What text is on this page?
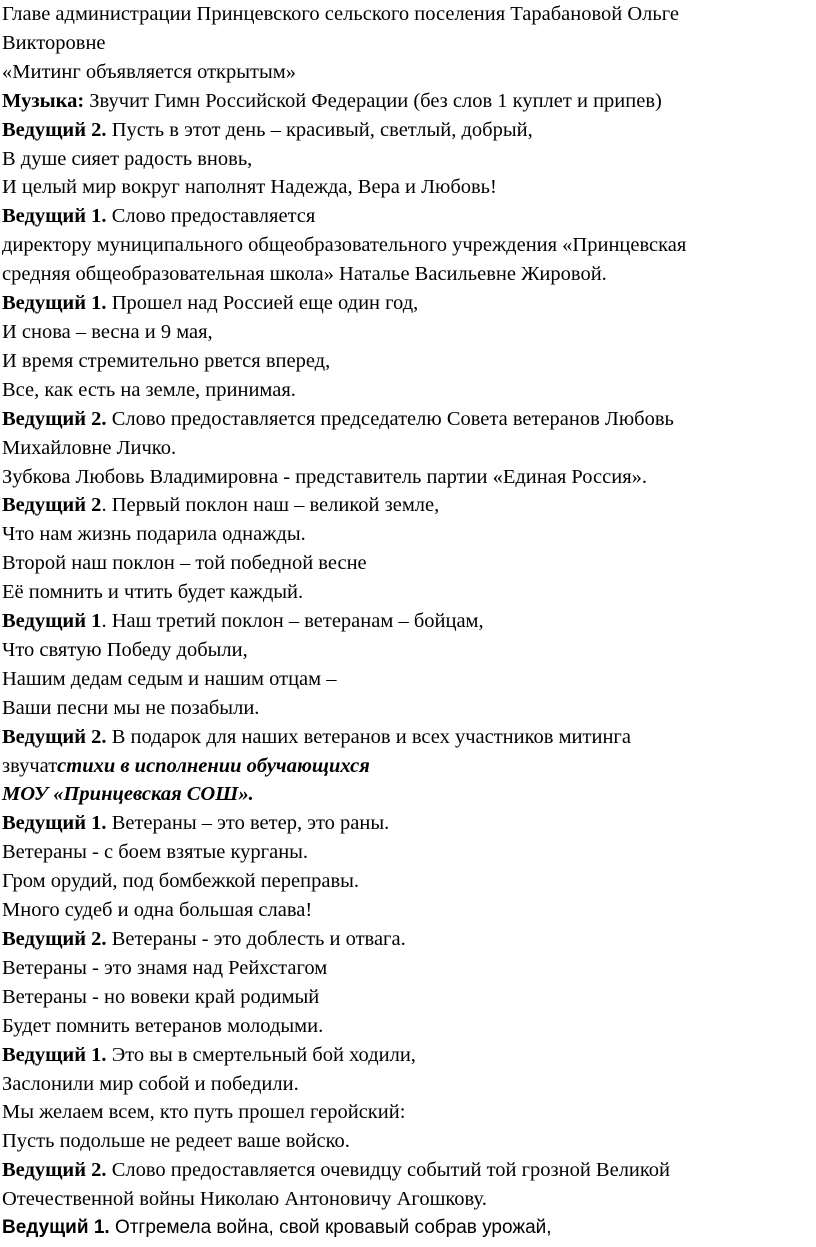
Главе администрации Принцевского сельского поселения Тарабановой Ольге

Викторовне

«Митинг объявляется открытым»

Музыка: Звучит Гимн Российской Федерации (без слов 1 куплет и припев)

Ведущий 2. Пусть в этот день – красивый, светлый, добрый,

В душе сияет радость вновь,

И целый мир вокруг наполнят Надежда, Вера и Любовь!

Ведущий 1. Слово предоставляется

директору муниципального общеобразовательного учреждения «Принцевская

средняя общеобразовательная школа» Наталье Васильевне Жировой.

Ведущий 1. Прошел над Россией еще один год,

И снова – весна и 9 мая,

И время стремительно рвется вперед,

Все, как есть на земле, принимая.

Ведущий 2. Слово предоставляется председателю Совета ветеранов Любовь

Михайловне Личко.

Зубкова Любовь Владимировна - представитель партии «Единая Россия».

Ведущий 2. Первый поклон наш – великой земле,

Что нам жизнь подарила однажды.

Второй наш поклон – той победной весне

Её помнить и чтить будет каждый.

Ведущий 1. Наш третий поклон – ветеранам – бойцам,

Что святую Победу добыли,

Нашим дедам седым и нашим отцам –

Ваши песни мы не позабыли.

Ведущий 2. В подарок для наших ветеранов и всех участников митинга

звучатстихи в исполнении обучающихся

МОУ «Принцевская СОШ».

Ведущий 1. Ветераны – это ветер, это раны.

Ветераны - с боем взятые курганы.

Гром орудий, под бомбежкой переправы.

Много судеб и одна большая слава!

Ведущий 2. Ветераны - это доблесть и отвага.

Ветераны - это знамя над Рейхстагом

Ветераны - но вовеки край родимый

Будет помнить ветеранов молодыми.

Ведущий 1. Это вы в смертельный бой ходили,

Заслонили мир собой и победили.

Мы желаем всем, кто путь прошел геройский:

Пусть подольше не редеет ваше войско.

Ведущий 2. Слово предоставляется очевидцу событий той грозной Великой

Отечественной войны Николаю Антоновичу Агошкову.

Ведущий 1. Отгремела война, свой кровавый собрав урожай,
